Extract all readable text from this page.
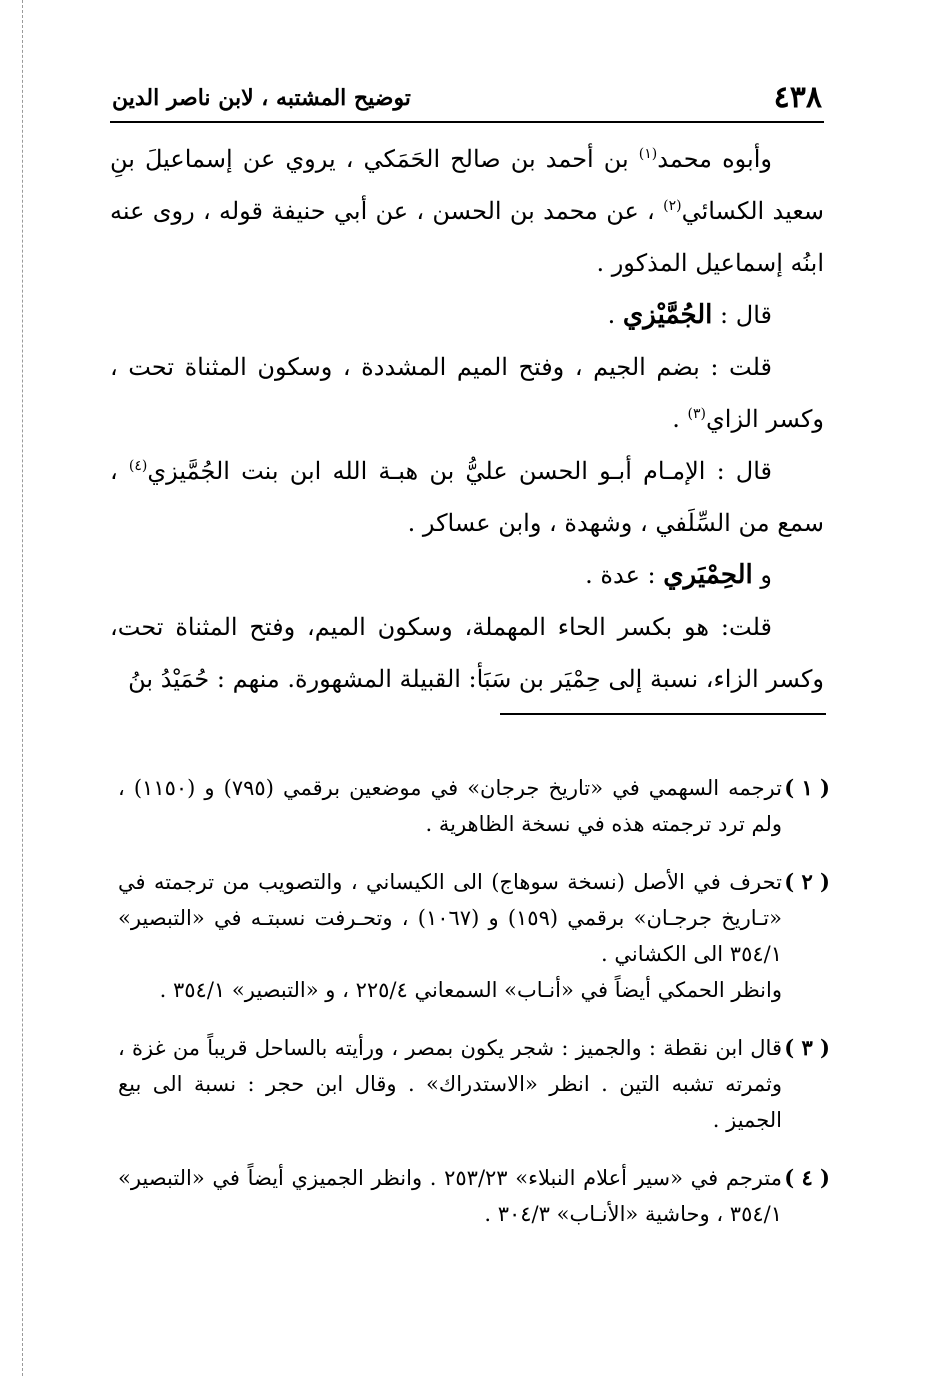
٤٣٨
توضيح المشتبه ، لابن ناصر الدين

وأبوه محمد$^{(١)}$ بن أحمد بن صالح الحَمَكي ، يروي عن إسماعيلَ بنِ سعيد الكسائي$^{(٢)}$ ، عن محمد بن الحسن ، عن أبي حنيفة قوله ، روى عنه ابنُه إسماعيل المذكور .

قال : الجُمَّيْزي .

قلت : بضم الجيم ، وفتح الميم المشددة ، وسكون المثناة تحت ، وكسر الزاي$^{(٣)}$ .

قال : الإمـام أبـو الحسن عليُّ بن هبـة الله ابن بنت الجُمَّيزي$^{(٤)}$ ، سمع من السِّلَفي ، وشهدة ، وابن عساكر .

و الحِمْيَري : عدة .

قلت: هو بكسر الحاء المهملة، وسكون الميم، وفتح المثناة تحت، وكسر الزاء، نسبة إلى حِمْيَر بن سَبَأ: القبيلة المشهورة. منهم : حُمَيْدُ بنُ

( ١ )

ترجمه السهمي في «تاريخ جرجان» في موضعين برقمي (٧٩٥) و (١١٥٠) ، ولم ترد ترجمته هذه في نسخة الظاهرية .

( ٢ )

تحرف في الأصل (نسخة سوهاج) الى الكيساني ، والتصويب من ترجمته في «تـاريخ جرجـان» برقمي (١٥٩) و (١٠٦٧) ، وتحـرفت نسبتـه في «التبصير» ٣٥٤/١ الى الكشاني .

وانظر الحمكي أيضاً في «أنـاب» السمعاني ٢٢٥/٤ ، و «التبصير» ٣٥٤/١ .

( ٣ )

قال ابن نقطة : والجميز : شجر يكون بمصر ، ورأيته بالساحل قريباً من غزة ، وثمرته تشبه التين . انظر «الاستدراك» . وقال ابن حجر : نسبة الى بيع الجميز .

( ٤ )

مترجم في «سير أعلام النبلاء» ٢٥٣/٢٣ . وانظر الجميزي أيضاً في «التبصير» ٣٥٤/١ ، وحاشية «الأنـاب» ٣٠٤/٣ .
